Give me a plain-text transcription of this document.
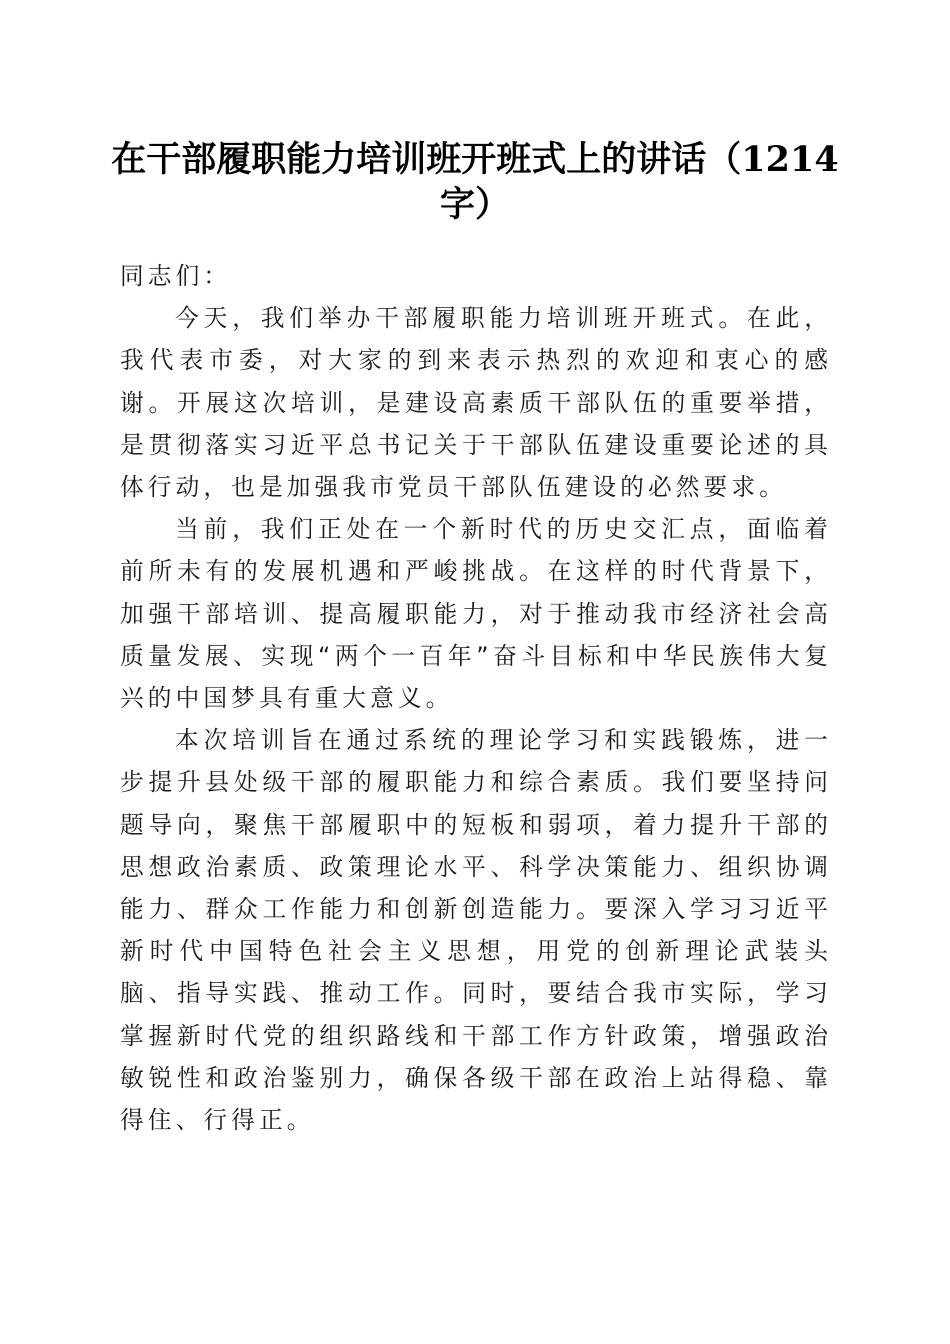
在干部履职能力培训班开班式上的讲话（1214字）

同志们：

今天，我们举办干部履职能力培训班开班式。在此，我代表市委，对大家的到来表示热烈的欢迎和衷心的感谢。开展这次培训，是建设高素质干部队伍的重要举措，是贯彻落实习近平总书记关于干部队伍建设重要论述的具体行动，也是加强我市党员干部队伍建设的必然要求。

当前，我们正处在一个新时代的历史交汇点，面临着前所未有的发展机遇和严峻挑战。在这样的时代背景下，加强干部培训、提高履职能力，对于推动我市经济社会高质量发展、实现“两个一百年”奋斗目标和中华民族伟大复兴的中国梦具有重大意义。

本次培训旨在通过系统的理论学习和实践锻炼，进一步提升县处级干部的履职能力和综合素质。我们要坚持问题导向，聚焦干部履职中的短板和弱项，着力提升干部的思想政治素质、政策理论水平、科学决策能力、组织协调能力、群众工作能力和创新创造能力。要深入学习习近平新时代中国特色社会主义思想，用党的创新理论武装头脑、指导实践、推动工作。同时，要结合我市实际，学习掌握新时代党的组织路线和干部工作方针政策，增强政治敏锐性和政治鉴别力，确保各级干部在政治上站得稳、靠得住、行得正。
